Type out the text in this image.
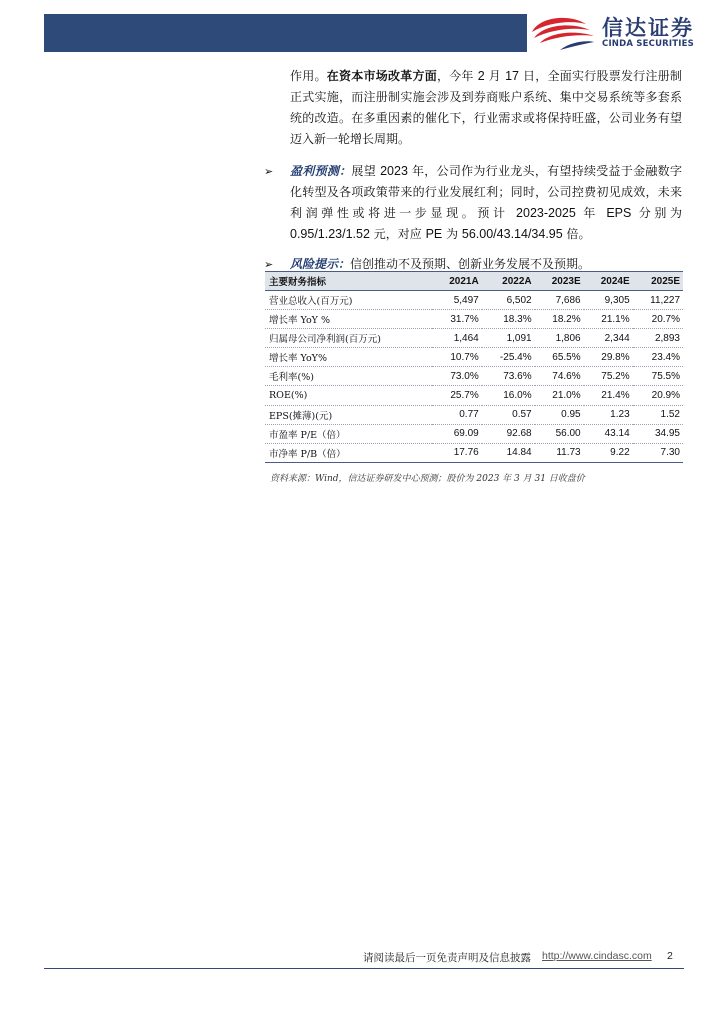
信达证券
CINDA SECURITIES

作用。在资本市场改革方面，今年 2 月 17 日，全面实行股票发行注册制正式实施，而注册制实施会涉及到券商账户系统、集中交易系统等多套系统的改造。在多重因素的催化下，行业需求或将保持旺盛，公司业务有望迈入新一轮增长周期。

➢ 盈利预测：展望 2023 年，公司作为行业龙头，有望持续受益于金融数字化转型及各项政策带来的行业发展红利；同时，公司控费初见成效，未来利润弹性或将进一步显现。预计 2023-2025 年 EPS 分别为 0.95/1.23/1.52 元，对应 PE 为 56.00/43.14/34.95 倍。

➢ 风险提示：信创推动不及预期、创新业务发展不及预期。

主要财务指标	2021A	2022A	2023E	2024E	2025E
营业总收入(百万元)	5,497	6,502	7,686	9,305	11,227
增长率 YoY %	31.7%	18.3%	18.2%	21.1%	20.7%
归属母公司净利润(百万元)	1,464	1,091	1,806	2,344	2,893
增长率 YoY%	10.7%	-25.4%	65.5%	29.8%	23.4%
毛利率(%)	73.0%	73.6%	74.6%	75.2%	75.5%
ROE(%)	25.7%	16.0%	21.0%	21.4%	20.9%
EPS(摊薄)(元)	0.77	0.57	0.95	1.23	1.52
市盈率 P/E（倍）	69.09	92.68	56.00	43.14	34.95
市净率 P/B（倍）	17.76	14.84	11.73	9.22	7.30
资料来源：Wind，信达证券研发中心预测；股价为 2023 年 3 月 31 日收盘价
请阅读最后一页免责声明及信息披露 http://www.cindasc.com 2
